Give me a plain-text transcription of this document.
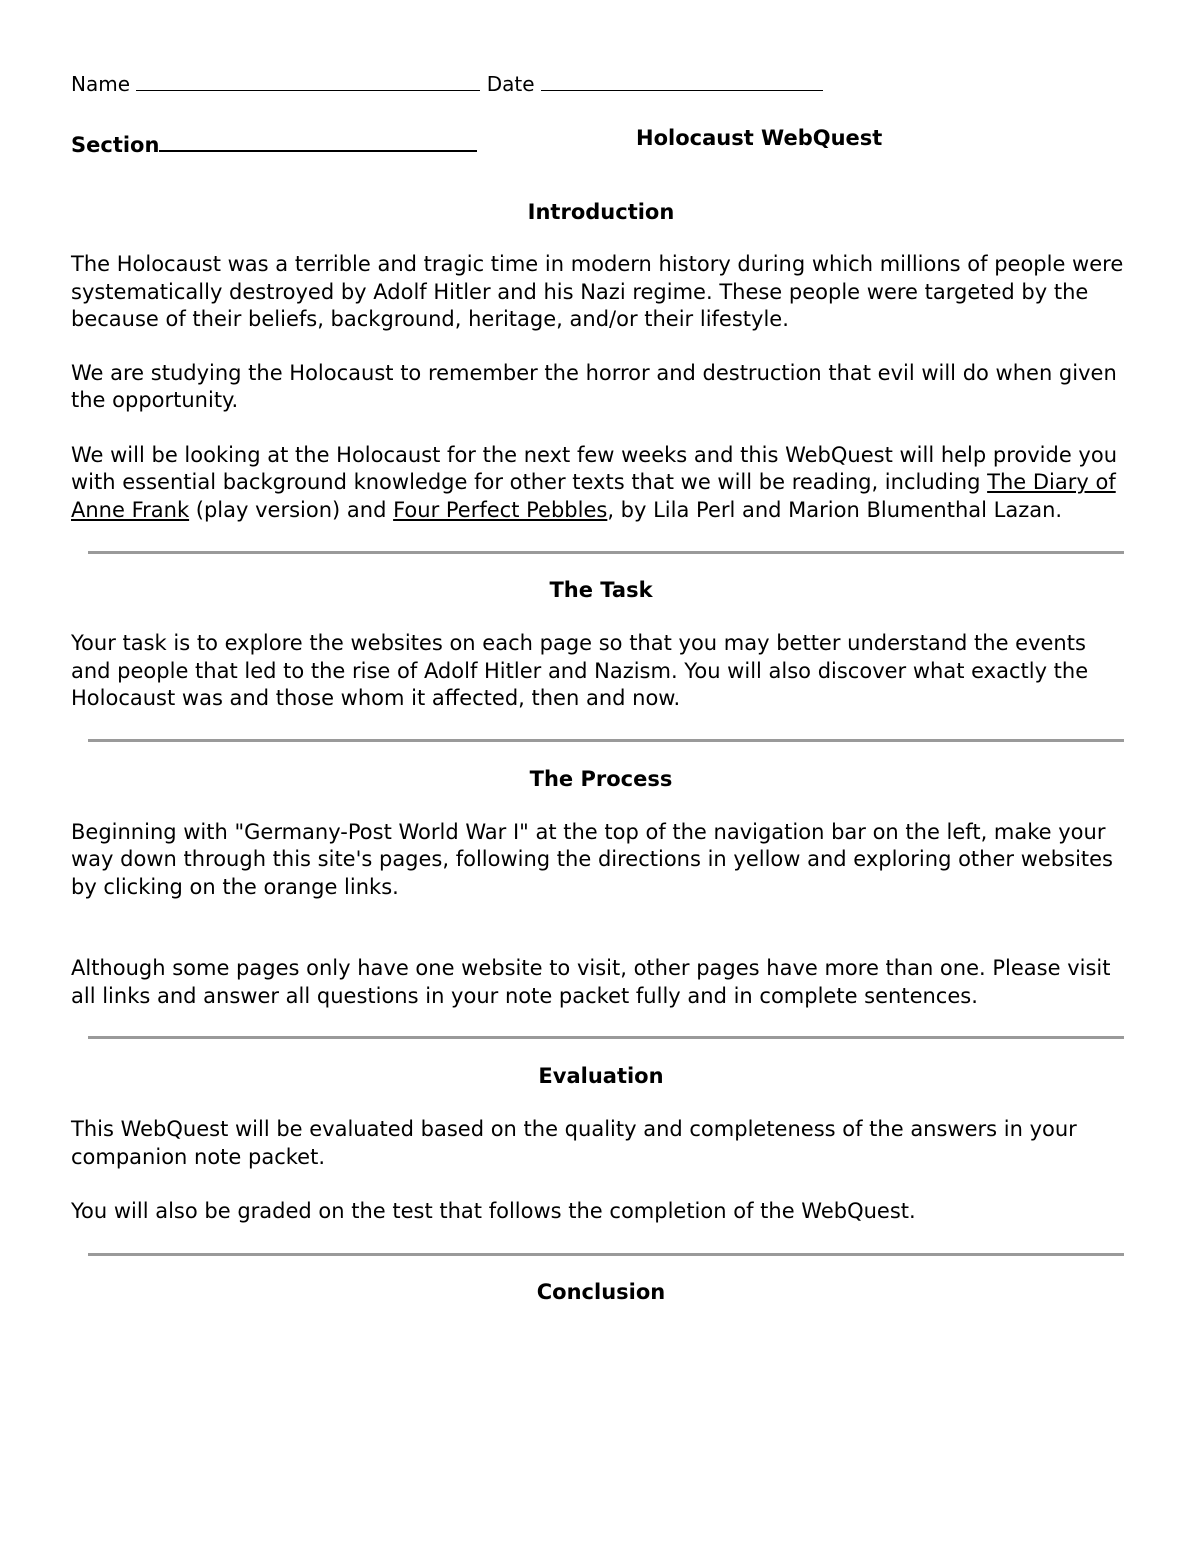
Name	Date
Section	Holocaust WebQuest
Introduction

The Holocaust was a terrible and tragic time in modern history during which millions of people were systematically destroyed by Adolf Hitler and his Nazi regime. These people were targeted by the because of their beliefs, background, heritage, and/or their lifestyle.

We are studying the Holocaust to remember the horror and destruction that evil will do when given the opportunity.

We will be looking at the Holocaust for the next few weeks and this WebQuest will help provide you with essential background knowledge for other texts that we will be reading, including The Diary of Anne Frank (play version) and Four Perfect Pebbles, by Lila Perl and Marion Blumenthal Lazan.

The Task

Your task is to explore the websites on each page so that you may better understand the events and people that led to the rise of Adolf Hitler and Nazism. You will also discover what exactly the Holocaust was and those whom it affected, then and now.

The Process

Beginning with "Germany-Post World War I" at the top of the navigation bar on the left, make your way down through this site's pages, following the directions in yellow and exploring other websites by clicking on the orange links.

Although some pages only have one website to visit, other pages have more than one. Please visit all links and answer all questions in your note packet fully and in complete sentences.

Evaluation

This WebQuest will be evaluated based on the quality and completeness of the answers in your companion note packet.

You will also be graded on the test that follows the completion of the WebQuest.

Conclusion
